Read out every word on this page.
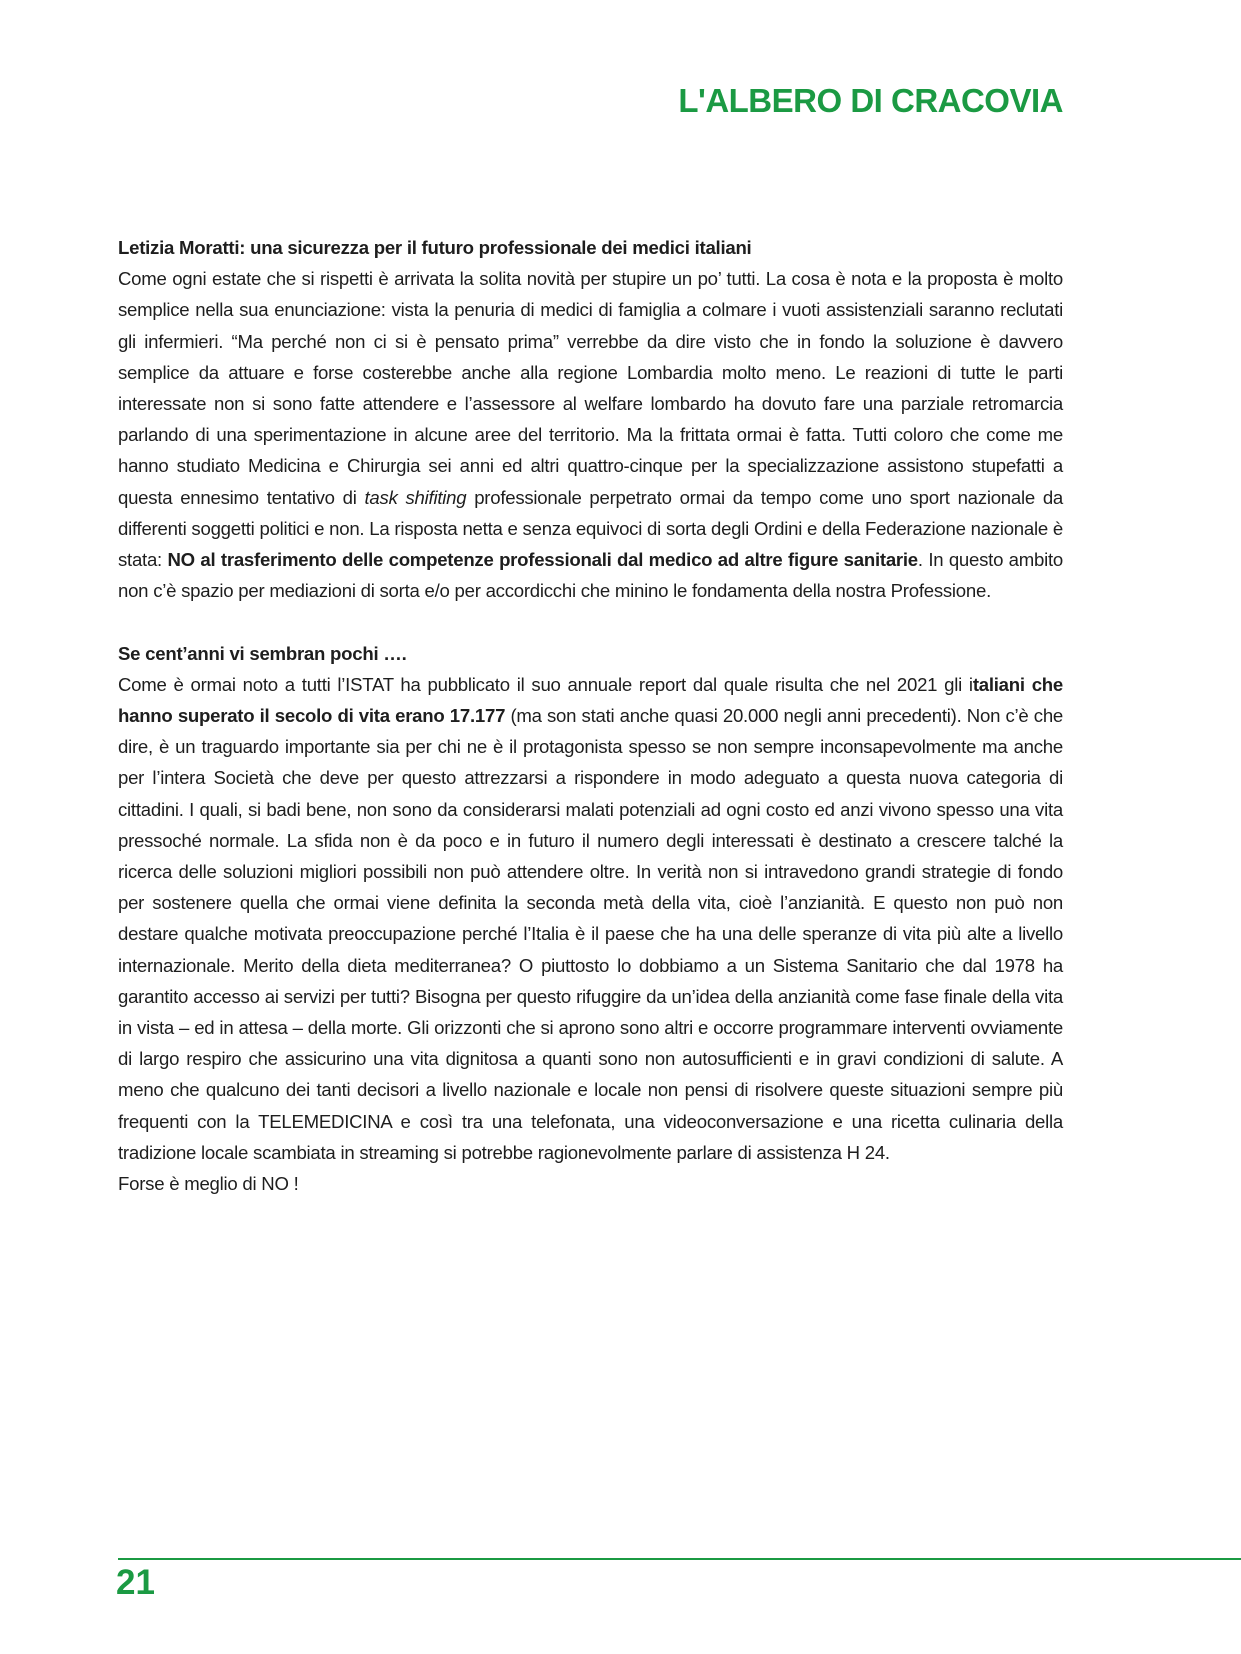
L'ALBERO DI CRACOVIA

Letizia Moratti: una sicurezza per il futuro professionale dei medici italiani

Come ogni estate che si rispetti è arrivata la solita novità per stupire un po’ tutti. La cosa è nota e la proposta è molto semplice nella sua enunciazione: vista la penuria di medici di famiglia a colmare i vuoti assistenziali saranno reclutati gli infermieri. “Ma perché non ci si è pensato prima” verrebbe da dire visto che in fondo la soluzione è davvero semplice da attuare e forse costerebbe anche alla regione Lombardia molto meno. Le reazioni di tutte le parti interessate non si sono fatte attendere e l’assessore al welfare lombardo ha dovuto fare una parziale retromarcia parlando di una sperimentazione in alcune aree del territorio. Ma la frittata ormai è fatta. Tutti coloro che come me hanno studiato Medicina e Chirurgia sei anni ed altri quattro-cinque per la specializzazione assistono stupefatti a questa ennesimo tentativo di task shifiting professionale perpetrato ormai da tempo come uno sport nazionale da differenti soggetti politici e non. La risposta netta e senza equivoci di sorta degli Ordini e della Federazione nazionale è stata: NO al trasferimento delle competenze professionali dal medico ad altre figure sanitarie. In questo ambito non c’è spazio per mediazioni di sorta e/o per accordicchi che minino le fondamenta della nostra Professione.

Se cent’anni vi sembran pochi ….

Come è ormai noto a tutti l’ISTAT ha pubblicato il suo annuale report dal quale risulta che nel 2021 gli italiani che hanno superato il secolo di vita erano 17.177 (ma son stati anche quasi 20.000 negli anni precedenti). Non c’è che dire, è un traguardo importante sia per chi ne è il protagonista spesso se non sempre inconsapevolmente ma anche per l’intera Società che deve per questo attrezzarsi a rispondere in modo adeguato a questa nuova categoria di cittadini. I quali, si badi bene, non sono da considerarsi malati potenziali ad ogni costo ed anzi vivono spesso una vita pressoché normale. La sfida non è da poco e in futuro il numero degli interessati è destinato a crescere talché la ricerca delle soluzioni migliori possibili non può attendere oltre. In verità non si intravedono grandi strategie di fondo per sostenere quella che ormai viene definita la seconda metà della vita, cioè l’anzianità. E questo non può non destare qualche motivata preoccupazione perché l’Italia è il paese che ha una delle speranze di vita più alte a livello internazionale. Merito della dieta mediterranea? O piuttosto lo dobbiamo a un Sistema Sanitario che dal 1978 ha garantito accesso ai servizi per tutti? Bisogna per questo rifuggire da un’idea della anzianità come fase finale della vita in vista – ed in attesa – della morte. Gli orizzonti che si aprono sono altri e occorre programmare interventi ovviamente di largo respiro che assicurino una vita dignitosa a quanti sono non autosufficienti e in gravi condizioni di salute. A meno che qualcuno dei tanti decisori a livello nazionale e locale non pensi di risolvere queste situazioni sempre più frequenti con la TELEMEDICINA e così tra una telefonata, una videoconversazione e una ricetta culinaria della tradizione locale scambiata in streaming si potrebbe ragionevolmente parlare di assistenza H 24.

Forse è meglio di NO !

21
